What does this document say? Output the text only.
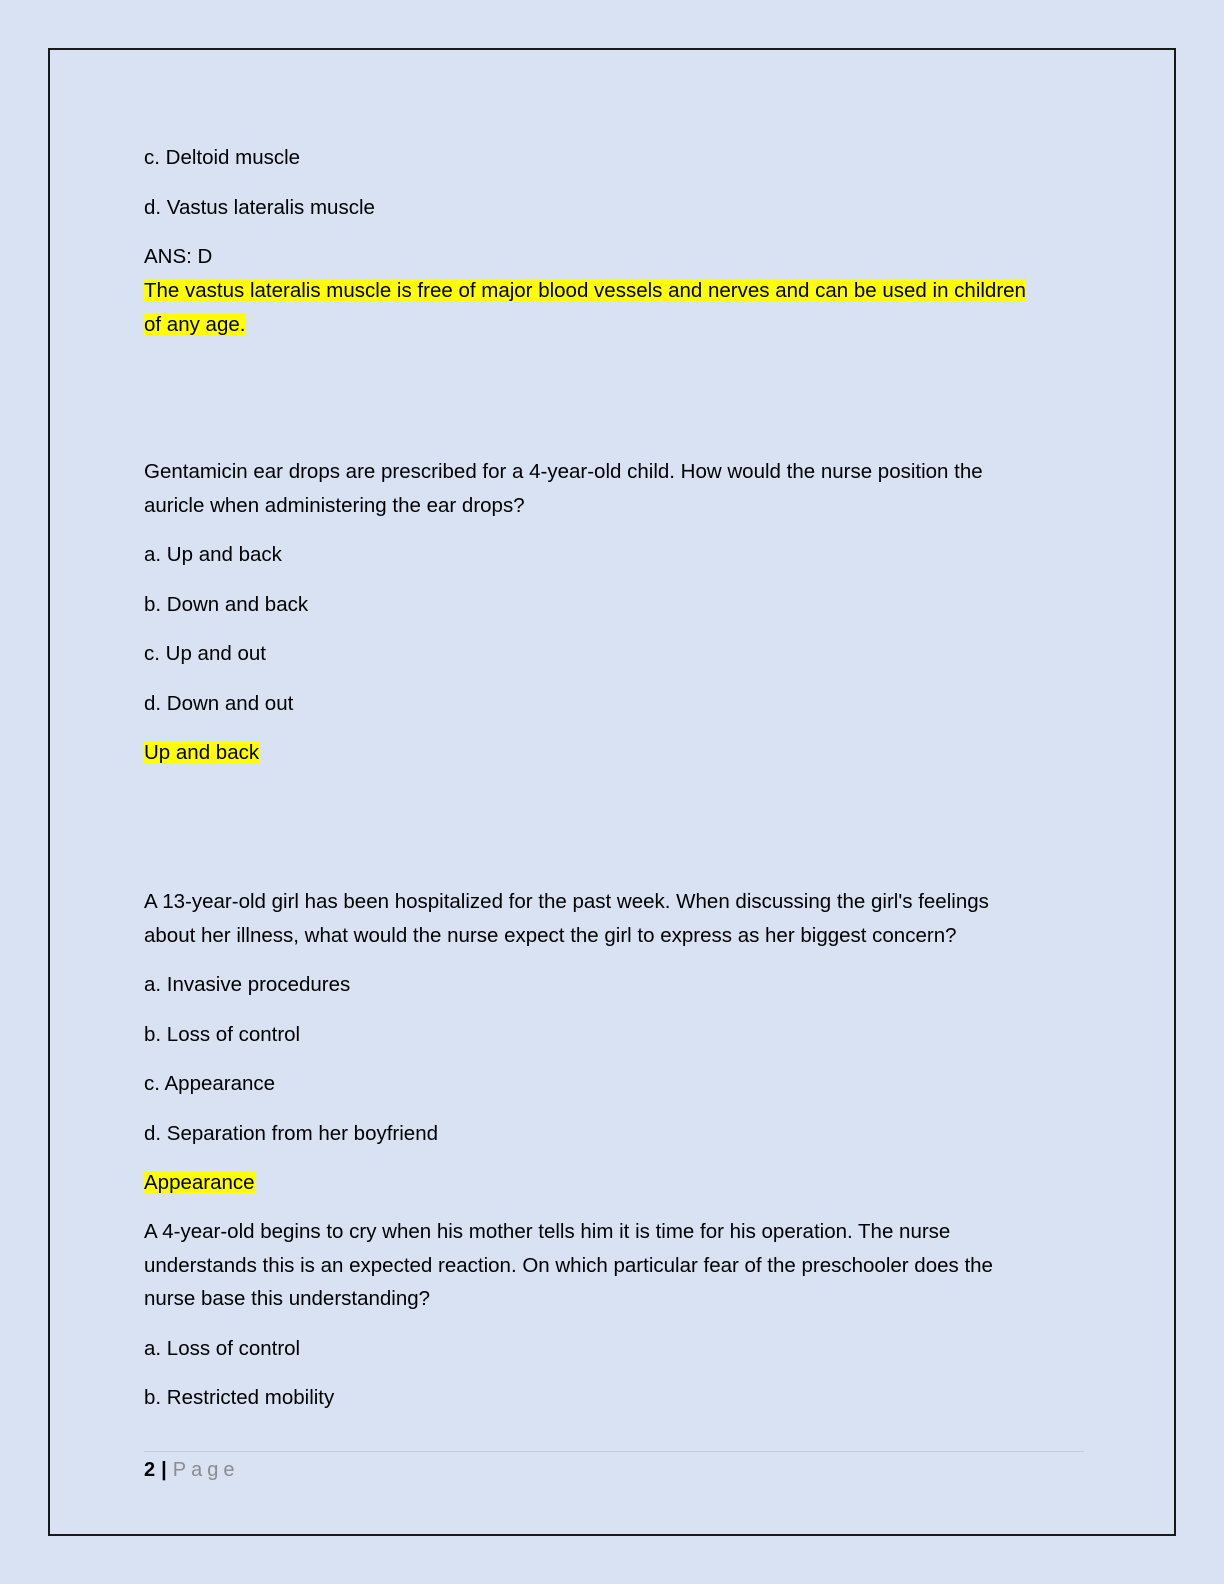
c. Deltoid muscle

d. Vastus lateralis muscle

ANS: D

The vastus lateralis muscle is free of major blood vessels and nerves and can be used in children

of any age.

Gentamicin ear drops are prescribed for a 4-year-old child. How would the nurse position the

auricle when administering the ear drops?

a. Up and back

b. Down and back

c. Up and out

d. Down and out

Up and back

A 13-year-old girl has been hospitalized for the past week. When discussing the girl's feelings

about her illness, what would the nurse expect the girl to express as her biggest concern?

a. Invasive procedures

b. Loss of control

c. Appearance

d. Separation from her boyfriend

Appearance

A 4-year-old begins to cry when his mother tells him it is time for his operation. The nurse

understands this is an expected reaction. On which particular fear of the preschooler does the

nurse base this understanding?

a. Loss of control

b. Restricted mobility

2 | Page
